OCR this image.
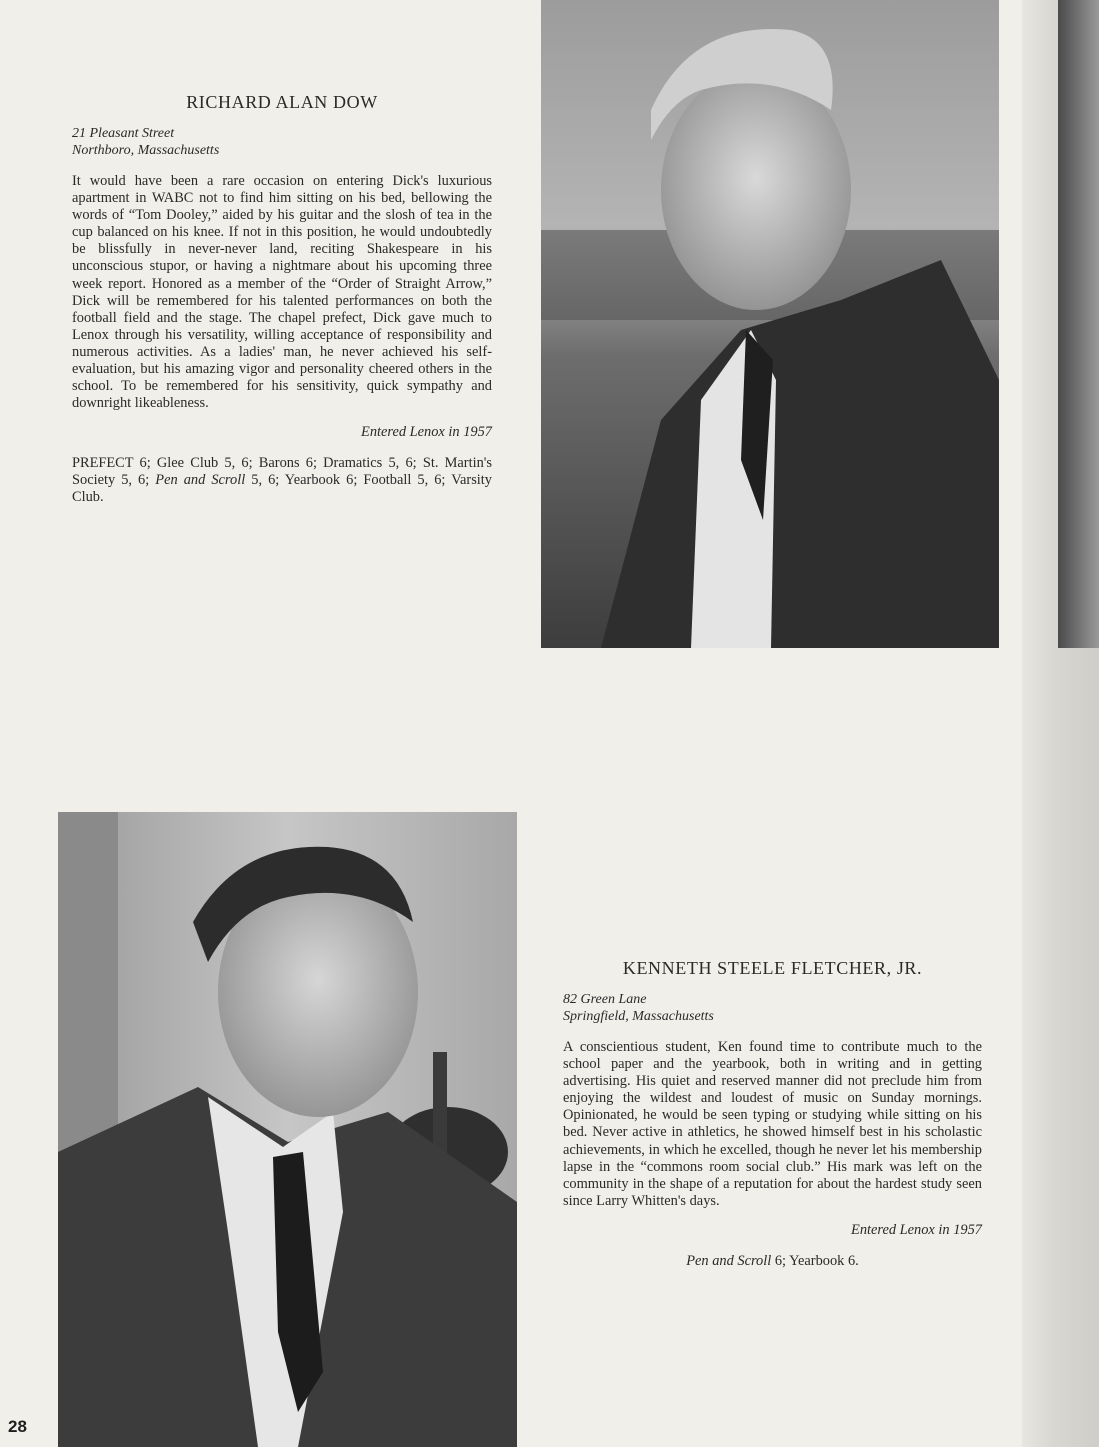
RICHARD ALAN DOW
21 Pleasant Street
Northboro, Massachusetts

It would have been a rare occasion on entering Dick's luxurious apartment in WABC not to find him sitting on his bed, bellowing the words of “Tom Dooley,” aided by his guitar and the slosh of tea in the cup balanced on his knee. If not in this position, he would undoubtedly be blissfully in never-never land, reciting Shakespeare in his unconscious stupor, or having a nightmare about his upcoming three week report. Honored as a member of the “Order of Straight Arrow,” Dick will be remembered for his talented performances on both the football field and the stage. The chapel prefect, Dick gave much to Lenox through his versatility, willing acceptance of responsibility and numerous activities. As a ladies' man, he never achieved his self-evaluation, but his amazing vigor and personality cheered others in the school. To be remembered for his sensitivity, quick sympathy and downright likeableness.

Entered Lenox in 1957

PREFECT 6; Glee Club 5, 6; Barons 6; Dramatics 5, 6; St. Martin's Society 5, 6; Pen and Scroll 5, 6; Yearbook 6; Football 5, 6; Varsity Club.

KENNETH STEELE FLETCHER, JR.
82 Green Lane
Springfield, Massachusetts

A conscientious student, Ken found time to contribute much to the school paper and the yearbook, both in writing and in getting advertising. His quiet and reserved manner did not preclude him from enjoying the wildest and loudest of music on Sunday mornings. Opinionated, he would be seen typing or studying while sitting on his bed. Never active in athletics, he showed himself best in his scholastic achievements, in which he excelled, though he never let his membership lapse in the “commons room social club.” His mark was left on the community in the shape of a reputation for about the hardest study seen since Larry Whitten's days.

Entered Lenox in 1957

Pen and Scroll 6; Yearbook 6.

28
